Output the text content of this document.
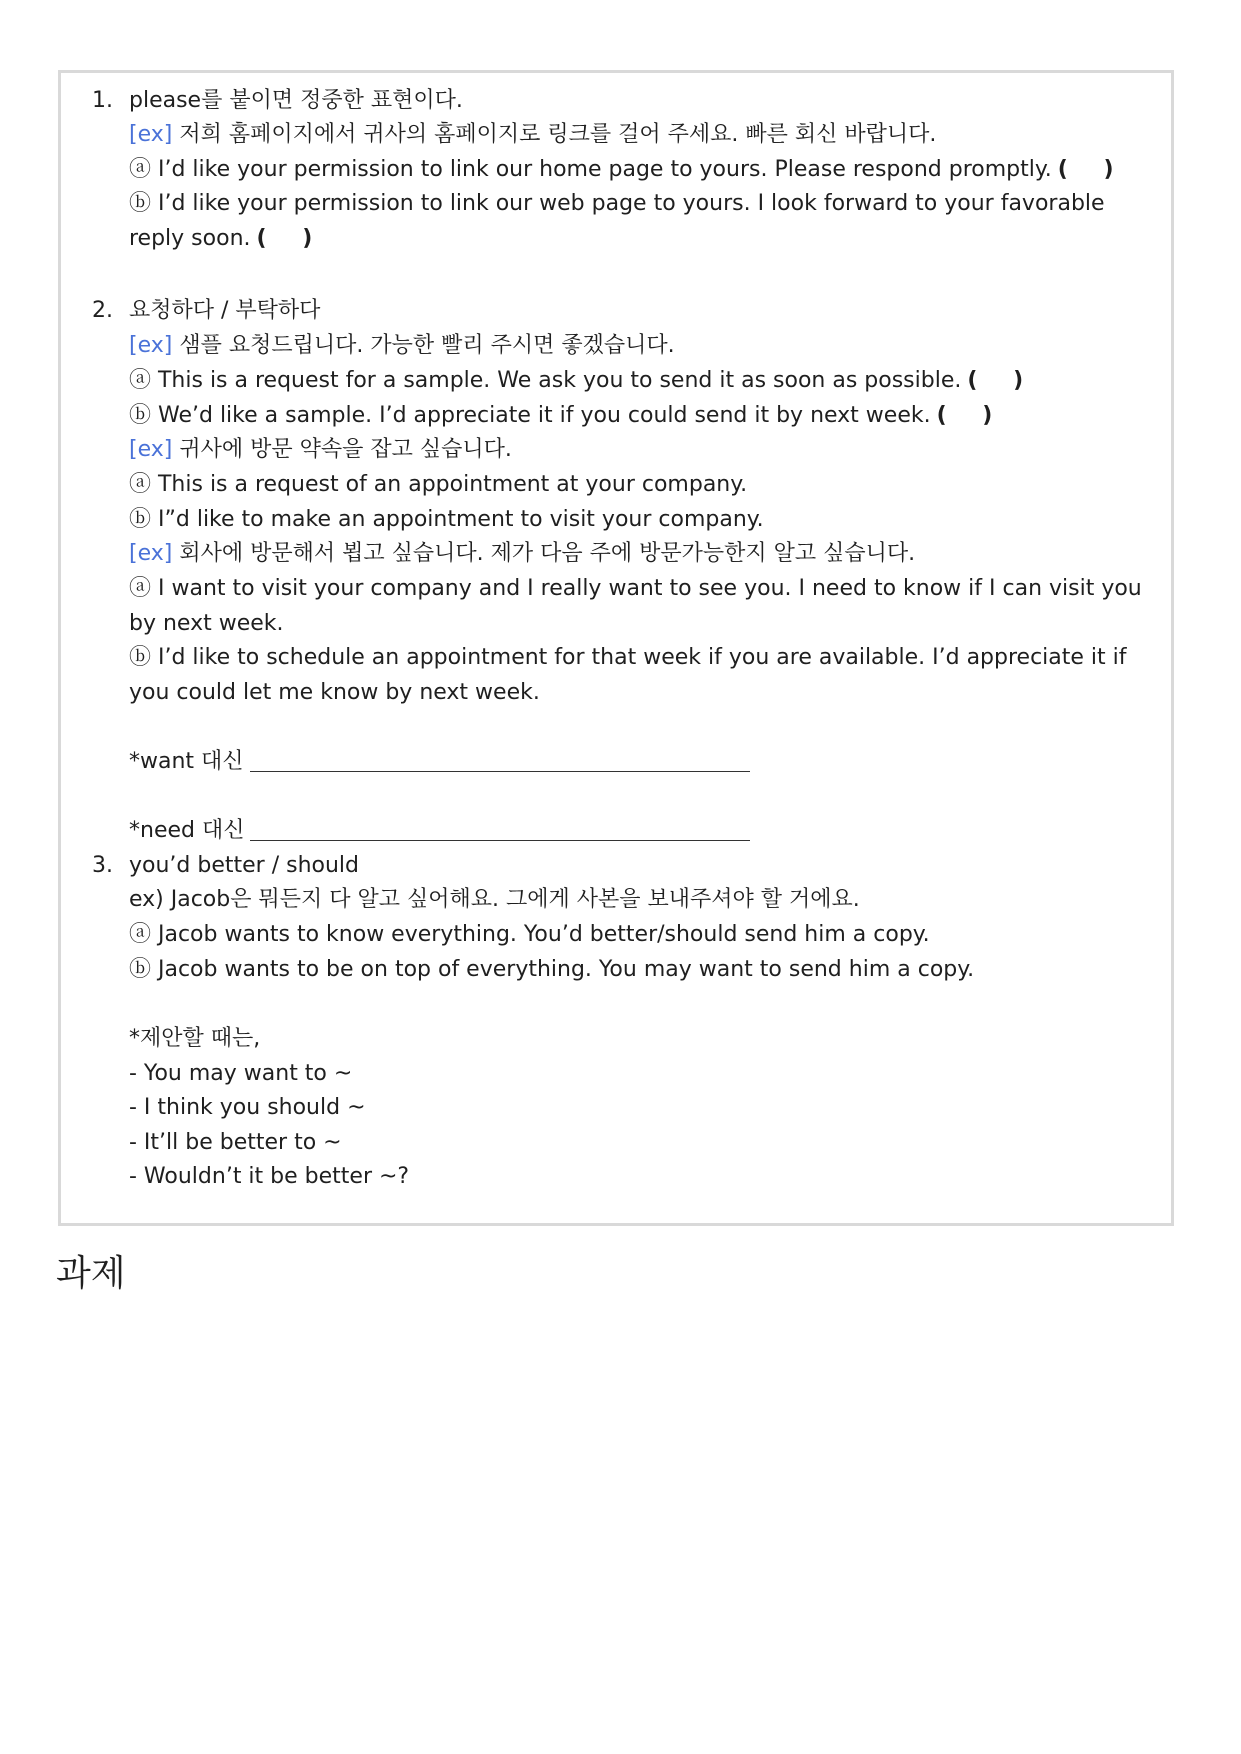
1. please를 붙이면 정중한 표현이다.
[ex] 저희 홈페이지에서 귀사의 홈페이지로 링크를 걸어 주세요. 빠른 회신 바랍니다.
ⓐ I’d like your permission to link our home page to yours. Please respond promptly. ( )
ⓑ I’d like your permission to link our web page to yours. I look forward to your favorable
reply soon. ( )
2. 요청하다 / 부탁하다
[ex] 샘플 요청드립니다. 가능한 빨리 주시면 좋겠습니다.
ⓐ This is a request for a sample. We ask you to send it as soon as possible. ( )
ⓑ We’d like a sample. I’d appreciate it if you could send it by next week. ( )
[ex] 귀사에 방문 약속을 잡고 싶습니다.
ⓐ This is a request of an appointment at your company.
ⓑ I”d like to make an appointment to visit your company.
[ex] 회사에 방문해서 뵙고 싶습니다. 제가 다음 주에 방문가능한지 알고 싶습니다.
ⓐ I want to visit your company and I really want to see you. I need to know if I can visit you
by next week.
ⓑ I’d like to schedule an appointment for that week if you are available. I’d appreciate it if
you could let me know by next week.
*want 대신
*need 대신
3. you’d better / should
ex) Jacob은 뭐든지 다 알고 싶어해요. 그에게 사본을 보내주셔야 할 거에요.
ⓐ Jacob wants to know everything. You’d better/should send him a copy.
ⓑ Jacob wants to be on top of everything. You may want to send him a copy.
*제안할 때는,
- You may want to ~
- I think you should ~
- It’ll be better to ~
- Wouldn’t it be better ~?
과제
